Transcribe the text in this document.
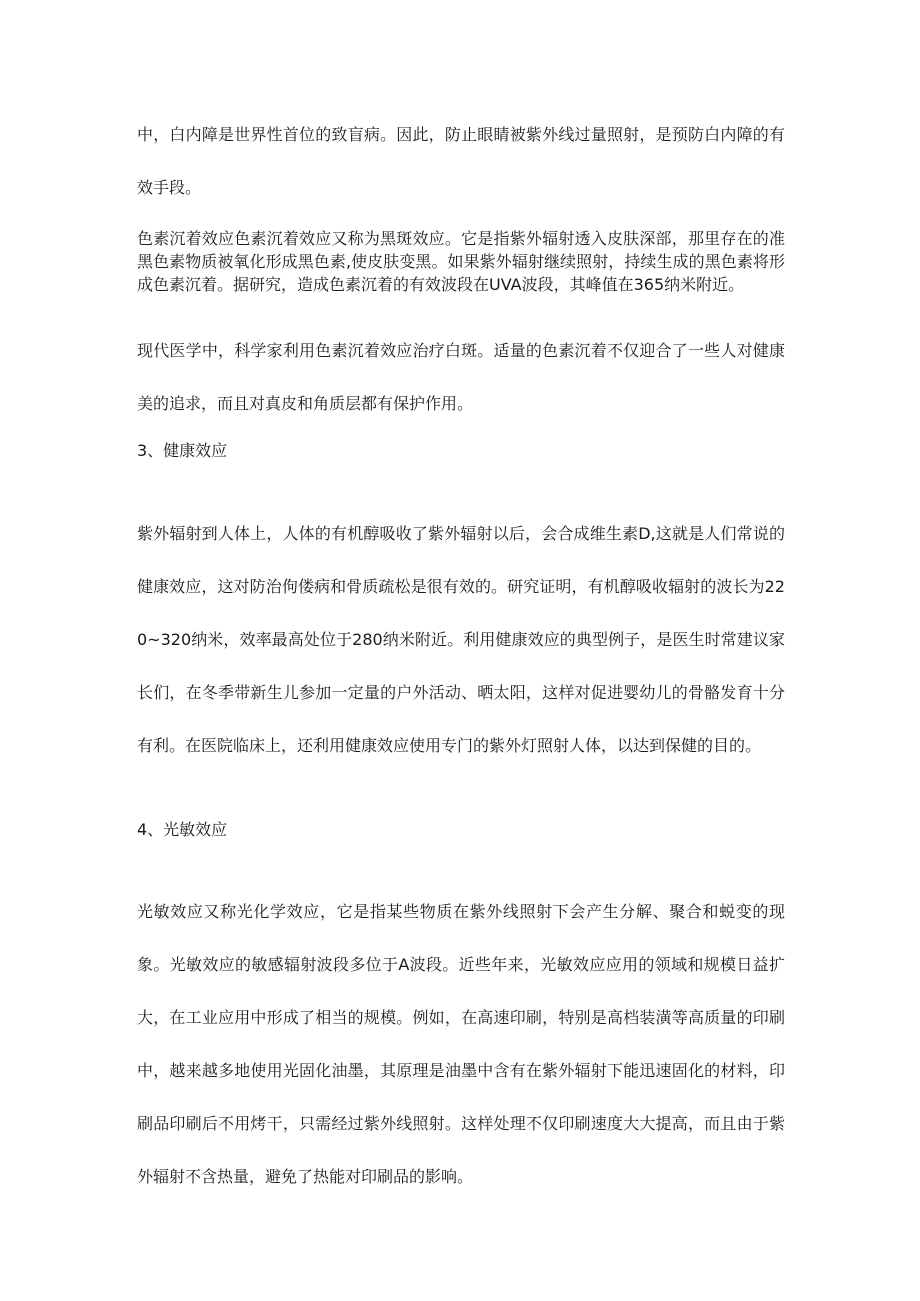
中，白内障是世界性首位的致盲病。因此，防止眼睛被紫外线过量照射，是预防白内障的有效手段。

色素沉着效应色素沉着效应又称为黑斑效应。它是指紫外辐射透入皮肤深部，那里存在的准黑色素物质被氧化形成黑色素,使皮肤变黑。如果紫外辐射继续照射，持续生成的黑色素将形成色素沉着。据研究，造成色素沉着的有效波段在UVA波段，其峰值在365纳米附近。

现代医学中，科学家利用色素沉着效应治疗白斑。适量的色素沉着不仅迎合了一些人对健康美的追求，而且对真皮和角质层都有保护作用。

3、健康效应

紫外辐射到人体上，人体的有机醇吸收了紫外辐射以后，会合成维生素D,这就是人们常说的健康效应，这对防治佝偻病和骨质疏松是很有效的。研究证明，有机醇吸收辐射的波长为220~320纳米，效率最高处位于280纳米附近。利用健康效应的典型例子，是医生时常建议家长们，在冬季带新生儿参加一定量的户外活动、晒太阳，这样对促进婴幼儿的骨骼发育十分有利。在医院临床上，还利用健康效应使用专门的紫外灯照射人体，以达到保健的目的。

4、光敏效应

光敏效应又称光化学效应，它是指某些物质在紫外线照射下会产生分解、聚合和蜕变的现象。光敏效应的敏感辐射波段多位于A波段。近些年来，光敏效应应用的领域和规模日益扩大，在工业应用中形成了相当的规模。例如，在高速印刷，特别是高档装潢等高质量的印刷中，越来越多地使用光固化油墨，其原理是油墨中含有在紫外辐射下能迅速固化的材料，印刷品印刷后不用烤干，只需经过紫外线照射。这样处理不仅印刷速度大大提高，而且由于紫外辐射不含热量，避免了热能对印刷品的影响。
